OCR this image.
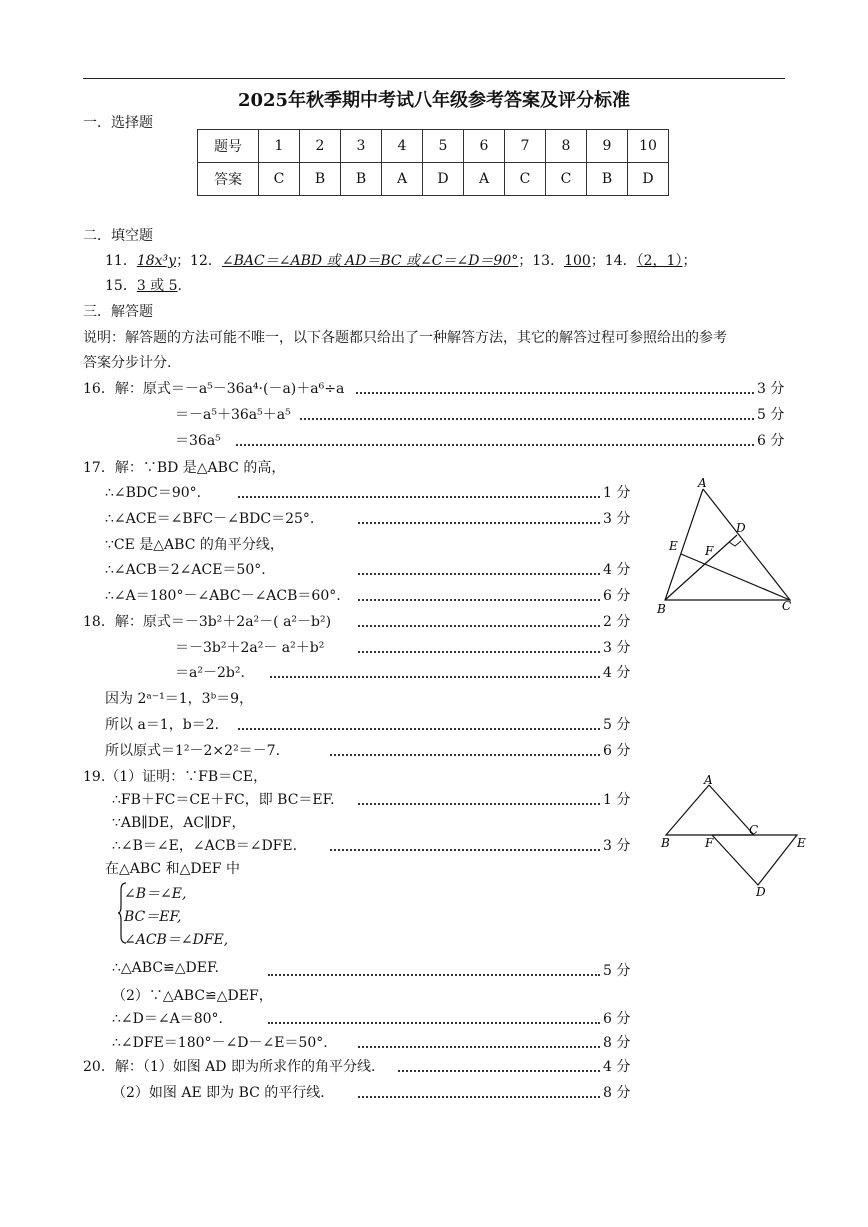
2025年秋季期中考试八年级参考答案及评分标准
一．选择题
题号	1	2	3	4	5	6	7	8	9	10
答案	C	B	B	A	D	A	C	C	B	D
二．填空题
11．18x³y；12．∠BAC＝∠ABD 或 AD＝BC 或∠C＝∠D＝90°；13．100；14．（2，1）；
15．3 或 5.
三．解答题
说明：解答题的方法可能不唯一，以下各题都只给出了一种解答方法，其它的解答过程可参照给出的参考
答案分步计分.
16．解：原式＝－a⁵－36a⁴·(－a)＋a⁶÷a	3 分
＝－a⁵＋36a⁵＋a⁵	5 分
＝36a⁵	6 分
17．解：∵BD 是△ABC 的高，
∴∠BDC＝90°.	1 分
∴∠ACE＝∠BFC－∠BDC＝25°.	3 分
∵CE 是△ABC 的角平分线，
∴∠ACB＝2∠ACE＝50°.	4 分
∴∠A＝180°－∠ABC－∠ACB＝60°.	6 分
A
B	C
D
E F
18．解：原式＝－3b²＋2a²－( a²－b²)	2 分
＝－3b²＋2a²－ a²＋b²	3 分
＝a²－2b².	4 分
因为 2ᵃ⁻¹＝1，3ᵇ＝9，
所以 a＝1，b＝2.	5 分
所以原式＝1²－2×2²＝－7.	6 分
19.（1）证明：∵FB＝CE，
∴FB＋FC＝CE＋FC，即 BC＝EF.	1 分
∵AB∥DE，AC∥DF，
∴∠B＝∠E，∠ACB＝∠DFE.	3 分
在△ABC 和△DEF 中
∠B＝∠E,
BC＝EF,
∠ACB＝∠DFE,
∴△ABC≌△DEF.	5 分
（2）∵△ABC≌△DEF，
∴∠D＝∠A＝80°.	6 分
∴∠DFE＝180°－∠D－∠E＝50°.	8 分
A
B
C
D
E
F
20．解：（1）如图 AD 即为所求作的角平分线.	4 分
（2）如图 AE 即为 BC 的平行线.	8 分
